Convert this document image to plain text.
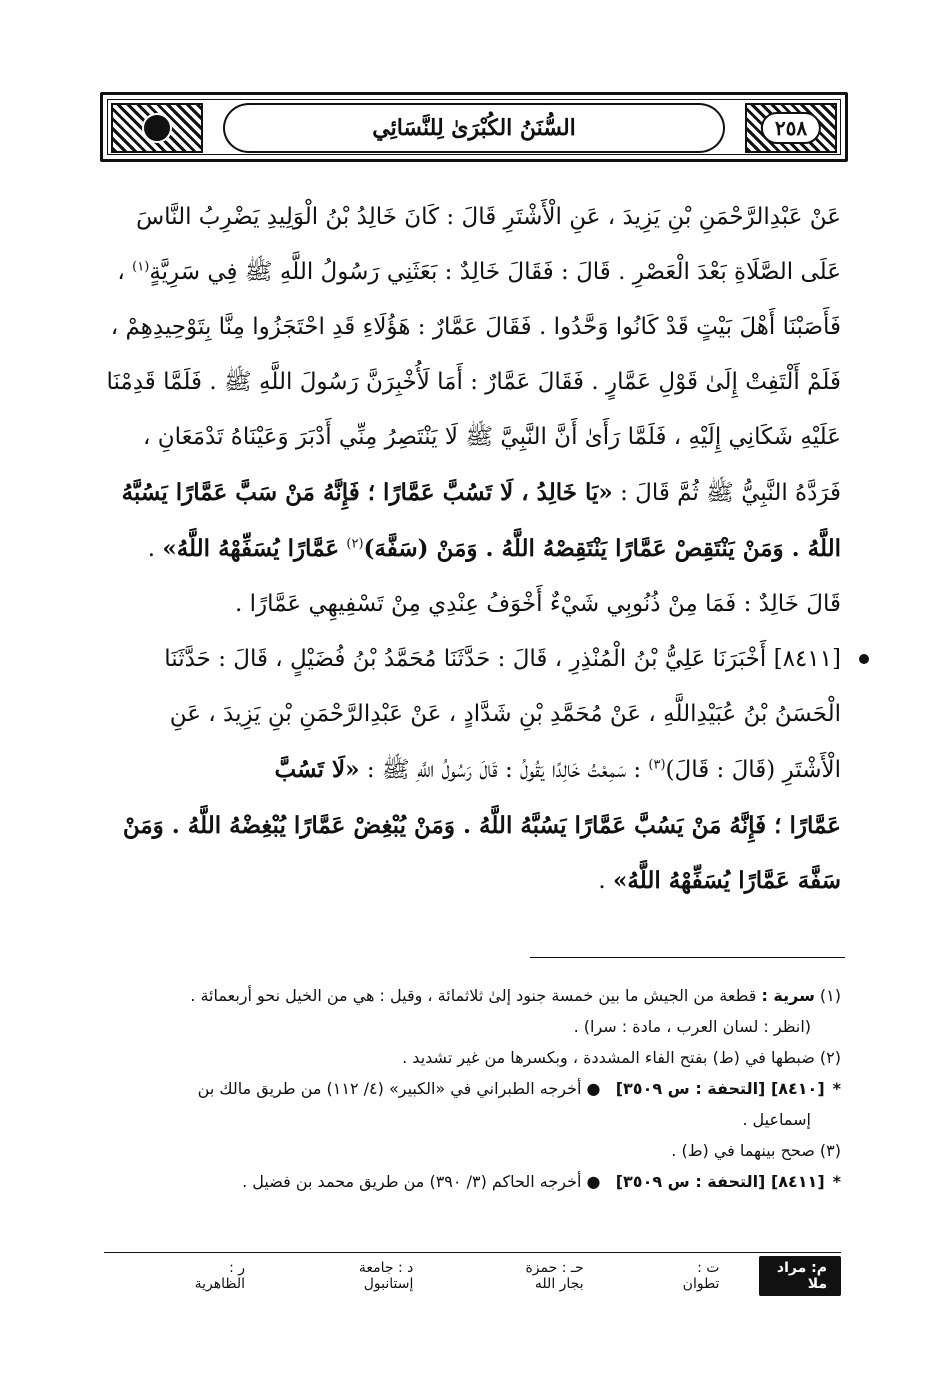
٢٥٨
السُّنَنُ الكُبْرَىٰ لِلنَّسَائِي

عَنْ عَبْدِالرَّحْمَنِ بْنِ يَزِيدَ ، عَنِ الْأَشْتَرِ قَالَ : كَانَ خَالِدُ بْنُ الْوَلِيدِ يَضْرِبُ النَّاسَ

عَلَى الصَّلَاةِ بَعْدَ الْعَصْرِ . قَالَ : فَقَالَ خَالِدٌ : بَعَثَنِي رَسُولُ اللَّهِ ﷺ فِي سَرِيَّةٍ$^{(١)}$ ،

فَأَصَبْنَا أَهْلَ بَيْتٍ قَدْ كَانُوا وَحَّدُوا . فَقَالَ عَمَّارٌ : هَؤُلَاءِ قَدِ احْتَجَزُوا مِنَّا بِتَوْحِيدِهِمْ ،

فَلَمْ أَلْتَفِتْ إِلَىٰ قَوْلِ عَمَّارٍ . فَقَالَ عَمَّارٌ : أَمَا لَأُخْبِرَنَّ رَسُولَ اللَّهِ ﷺ . فَلَمَّا قَدِمْنَا

عَلَيْهِ شَكَانِي إِلَيْهِ ، فَلَمَّا رَأَىٰ أَنَّ النَّبِيَّ ﷺ لَا يَنْتَصِرُ مِنِّي أَدْبَرَ وَعَيْنَاهُ تَدْمَعَانِ ،

فَرَدَّهُ النَّبِيُّ ﷺ ثُمَّ قَالَ : «يَا خَالِدُ ، لَا تَسُبَّ عَمَّارًا ؛ فَإِنَّهُ مَنْ سَبَّ عَمَّارًا يَسُبَّهُ

اللَّهُ . وَمَنْ يَنْتَقِصْ عَمَّارًا يَنْتَقِصْهُ اللَّهُ . وَمَنْ (سَفَّهَ)$^{(٢)}$ عَمَّارًا يُسَفِّهْهُ اللَّهُ» .

قَالَ خَالِدٌ : فَمَا مِنْ ذُنُوبِي شَيْءٌ أَخْوَفُ عِنْدِي مِنْ تَسْفِيهِي عَمَّارًا .

[٨٤١١] أَخْبَرَنَا عَلِيُّ بْنُ الْمُنْذِرِ ، قَالَ : حَدَّثَنَا مُحَمَّدُ بْنُ فُضَيْلٍ ، قَالَ : حَدَّثَنَا

الْحَسَنُ بْنُ عُبَيْدِاللَّهِ ، عَنْ مُحَمَّدِ بْنِ شَدَّادٍ ، عَنْ عَبْدِالرَّحْمَنِ بْنِ يَزِيدَ ، عَنِ

الْأَشْتَرِ (قَالَ : قَالَ)$^{(٣)}$ : سَمِعْتُ خَالِدًا يَقُولُ : قَالَ رَسُولُ اللَّهِ ﷺ : «لَا تَسُبَّ

عَمَّارًا ؛ فَإِنَّهُ مَنْ يَسُبَّ عَمَّارًا يَسُبَّهُ اللَّهُ . وَمَنْ يُبْغِضْ عَمَّارًا يُبْغِضْهُ اللَّهُ . وَمَنْ

سَفَّهَ عَمَّارًا يُسَفِّهْهُ اللَّهُ» .

(١) سرية : قطعة من الجيش ما بين خمسة جنود إلىٰ ثلاثمائة ، وقيل : هي من الخيل نحو أربعمائة .

(انظر : لسان العرب ، مادة : سرا) .

(٢) ضبطها في (ط) بفتح الفاء المشددة ، وبكسرها من غير تشديد .

*[٨٤١٠] [التحفة : س ٣٥٠٩]   ● أخرجه الطبراني في «الكبير» (٤/ ١١٢) من طريق مالك بن

إسماعيل .

(٣) صحح بينهما في (ط) .

*[٨٤١١] [التحفة : س ٣٥٠٩]   ● أخرجه الحاكم (٣/ ٣٩٠) من طريق محمد بن فضيل .

م: مراد ملا
ت : تطوان
حـ : حمزة بجار الله
د : جامعة إستانبول
ر : الظاهرية
